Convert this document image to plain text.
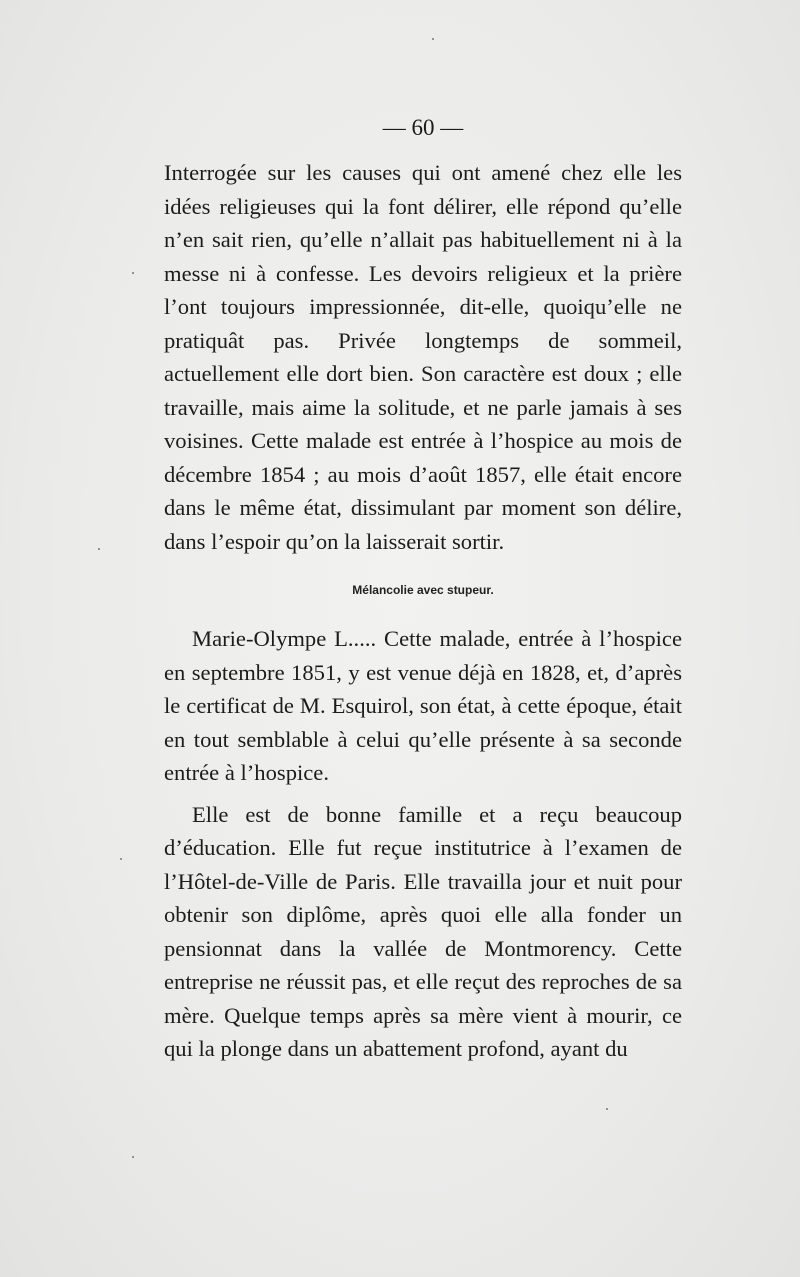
— 60 —

Interrogée sur les causes qui ont amené chez elle les idées religieuses qui la font délirer, elle répond qu’elle n’en sait rien, qu’elle n’allait pas habituellement ni à la messe ni à confesse. Les devoirs religieux et la prière l’ont toujours impressionnée, dit-elle, quoiqu’elle ne pratiquât pas. Privée longtemps de sommeil, actuellement elle dort bien. Son caractère est doux ; elle travaille, mais aime la solitude, et ne parle jamais à ses voisines. Cette malade est entrée à l’hospice au mois de décembre 1854 ; au mois d’août 1857, elle était encore dans le même état, dissimulant par moment son délire, dans l’espoir qu’on la laisserait sortir.

Mélancolie avec stupeur.

Marie-Olympe L..... Cette malade, entrée à l’hospice en septembre 1851, y est venue déjà en 1828, et, d’après le certificat de M. Esquirol, son état, à cette époque, était en tout semblable à celui qu’elle présente à sa seconde entrée à l’hospice.

Elle est de bonne famille et a reçu beaucoup d’éducation. Elle fut reçue institutrice à l’examen de l’Hôtel-de-Ville de Paris. Elle travailla jour et nuit pour obtenir son diplôme, après quoi elle alla fonder un pensionnat dans la vallée de Montmorency. Cette entreprise ne réussit pas, et elle reçut des reproches de sa mère. Quelque temps après sa mère vient à mourir, ce qui la plonge dans un abattement profond, ayant du
